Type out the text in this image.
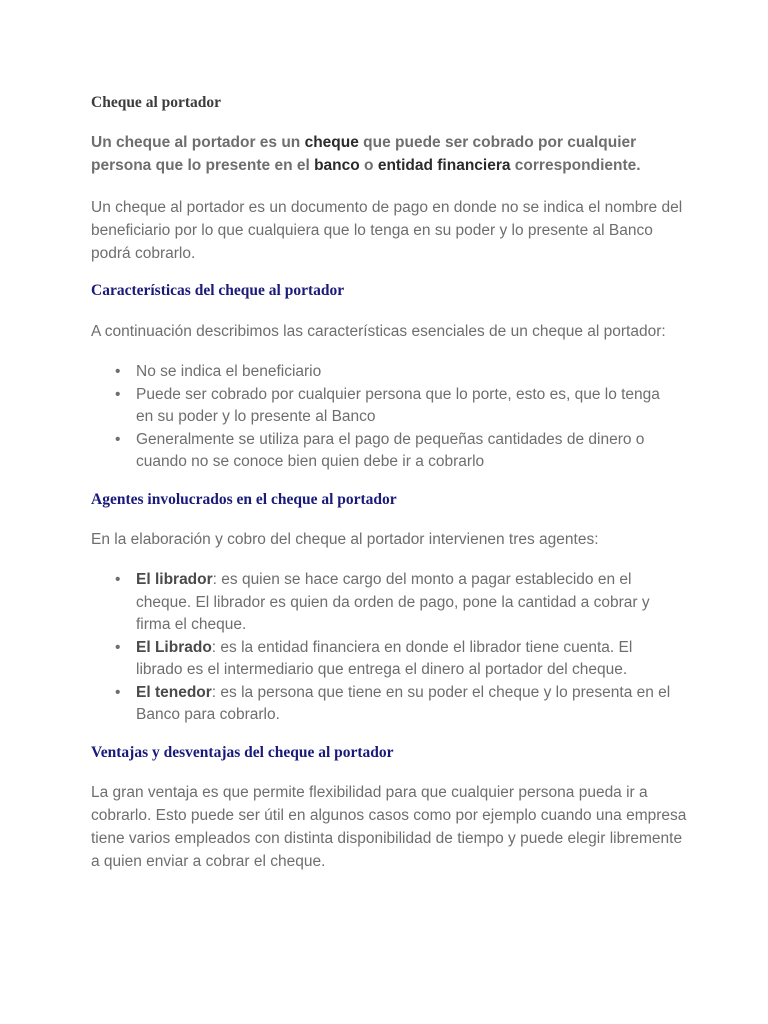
Cheque al portador

Un cheque al portador es un cheque que puede ser cobrado por cualquier persona que lo presente en el banco o entidad financiera correspondiente.

Un cheque al portador es un documento de pago en donde no se indica el nombre del beneficiario por lo que cualquiera que lo tenga en su poder y lo presente al Banco podrá cobrarlo.

Características del cheque al portador

A continuación describimos las características esenciales de un cheque al portador:

• No se indica el beneficiario
• Puede ser cobrado por cualquier persona que lo porte, esto es, que lo tenga en su poder y lo presente al Banco
• Generalmente se utiliza para el pago de pequeñas cantidades de dinero o cuando no se conoce bien quien debe ir a cobrarlo
Agentes involucrados en el cheque al portador

En la elaboración y cobro del cheque al portador intervienen tres agentes:

• El librador: es quien se hace cargo del monto a pagar establecido en el cheque. El librador es quien da orden de pago, pone la cantidad a cobrar y firma el cheque.
• El Librado: es la entidad financiera en donde el librador tiene cuenta. El librado es el intermediario que entrega el dinero al portador del cheque.
• El tenedor: es la persona que tiene en su poder el cheque y lo presenta en el Banco para cobrarlo.
Ventajas y desventajas del cheque al portador

La gran ventaja es que permite flexibilidad para que cualquier persona pueda ir a cobrarlo. Esto puede ser útil en algunos casos como por ejemplo cuando una empresa tiene varios empleados con distinta disponibilidad de tiempo y puede elegir libremente a quien enviar a cobrar el cheque.
